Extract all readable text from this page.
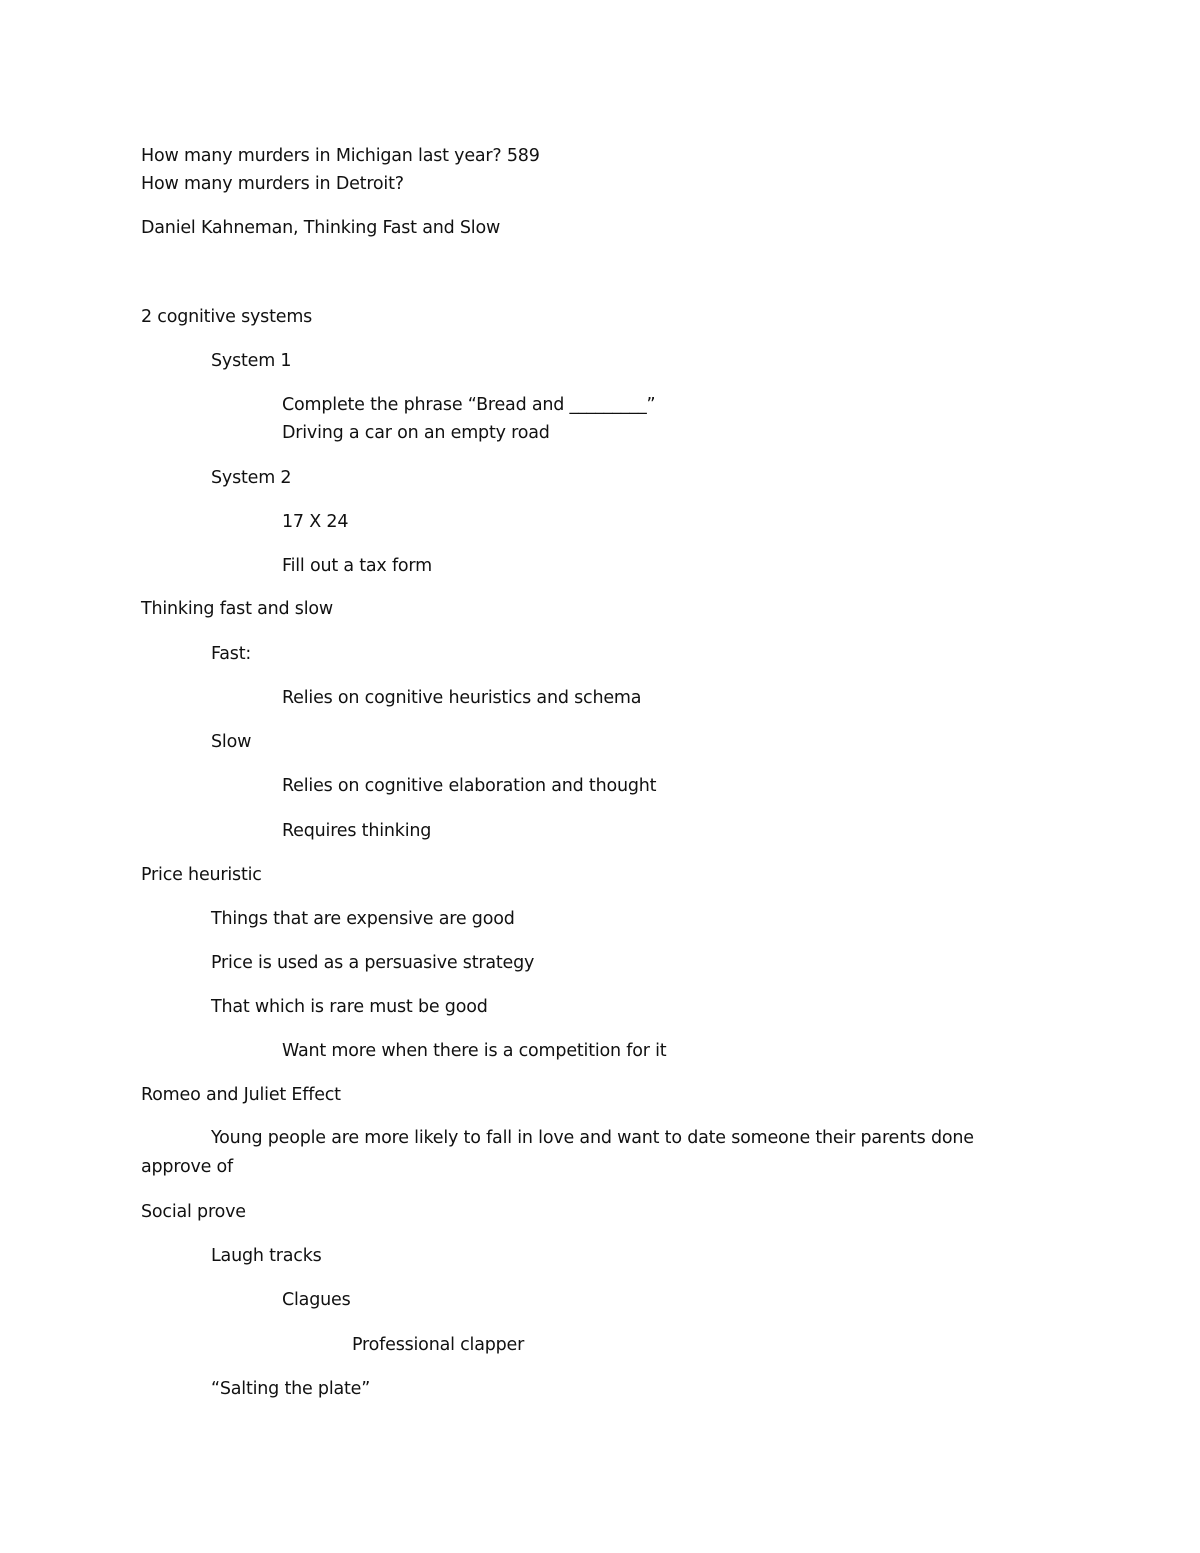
How many murders in Michigan last year? 589
How many murders in Detroit?
Daniel Kahneman, Thinking Fast and Slow
2 cognitive systems
System 1
Complete the phrase “Bread and _________”
Driving a car on an empty road
System 2
17 X 24
Fill out a tax form
Thinking fast and slow
Fast:
Relies on cognitive heuristics and schema
Slow
Relies on cognitive elaboration and thought
Requires thinking
Price heuristic
Things that are expensive are good
Price is used as a persuasive strategy
That which is rare must be good
Want more when there is a competition for it
Romeo and Juliet Effect
Young people are more likely to fall in love and want to date someone their parents done approve of
Social prove
Laugh tracks
Clagues
Professional clapper
“Salting the plate”
